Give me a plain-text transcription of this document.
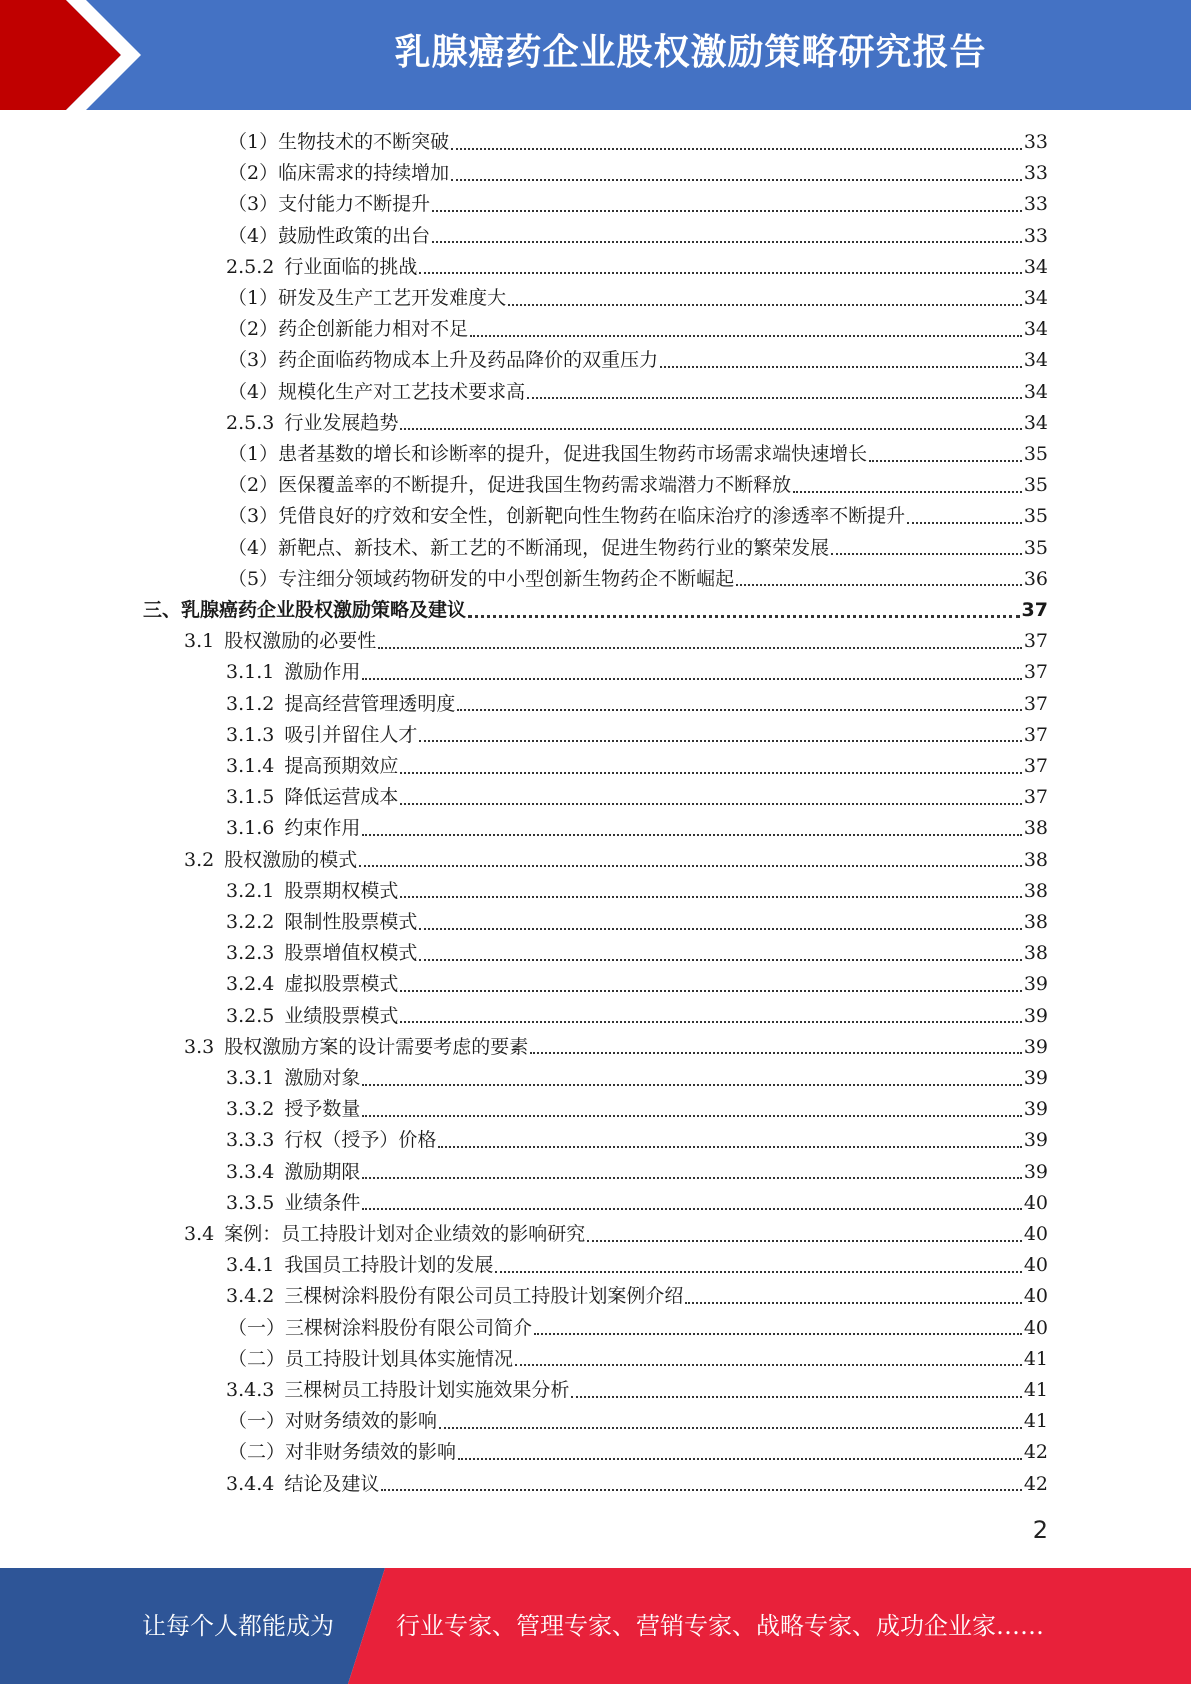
乳腺癌药企业股权激励策略研究报告
（1） 生物技术的不断突破	33
（2） 临床需求的持续增加	33
（3） 支付能力不断提升	33
（4） 鼓励性政策的出台	33
2.5.2 行业面临的挑战	34
（1） 研发及生产工艺开发难度大	34
（2） 药企创新能力相对不足	34
（3） 药企面临药物成本上升及药品降价的双重压力	34
（4） 规模化生产对工艺技术要求高	34
2.5.3 行业发展趋势	34
（1） 患者基数的增长和诊断率的提升，促进我国生物药市场需求端快速增长	35
（2） 医保覆盖率的不断提升，促进我国生物药需求端潜力不断释放	35
（3） 凭借良好的疗效和安全性，创新靶向性生物药在临床治疗的渗透率不断提升	35
（4） 新靶点、新技术、新工艺的不断涌现，促进生物药行业的繁荣发展	35
（5） 专注细分领域药物研发的中小型创新生物药企不断崛起	36
三、乳腺癌药企业股权激励策略及建议	37
3.1 股权激励的必要性	37
3.1.1 激励作用	37
3.1.2 提高经营管理透明度	37
3.1.3 吸引并留住人才	37
3.1.4 提高预期效应	37
3.1.5 降低运营成本	37
3.1.6 约束作用	38
3.2 股权激励的模式	38
3.2.1 股票期权模式	38
3.2.2 限制性股票模式	38
3.2.3 股票增值权模式	38
3.2.4 虚拟股票模式	39
3.2.5 业绩股票模式	39
3.3 股权激励方案的设计需要考虑的要素	39
3.3.1 激励对象	39
3.3.2 授予数量	39
3.3.3 行权（授予）价格	39
3.3.4 激励期限	39
3.3.5 业绩条件	40
3.4 案例：员工持股计划对企业绩效的影响研究	40
3.4.1 我国员工持股计划的发展	40
3.4.2 三棵树涂料股份有限公司员工持股计划案例介绍	40
（一） 三棵树涂料股份有限公司简介	40
（二） 员工持股计划具体实施情况	41
3.4.3 三棵树员工持股计划实施效果分析	41
（一） 对财务绩效的影响	41
（二） 对非财务绩效的影响	42
3.4.4 结论及建议	42
2
让每个人都能成为	行业专家、管理专家、营销专家、战略专家、成功企业家……
